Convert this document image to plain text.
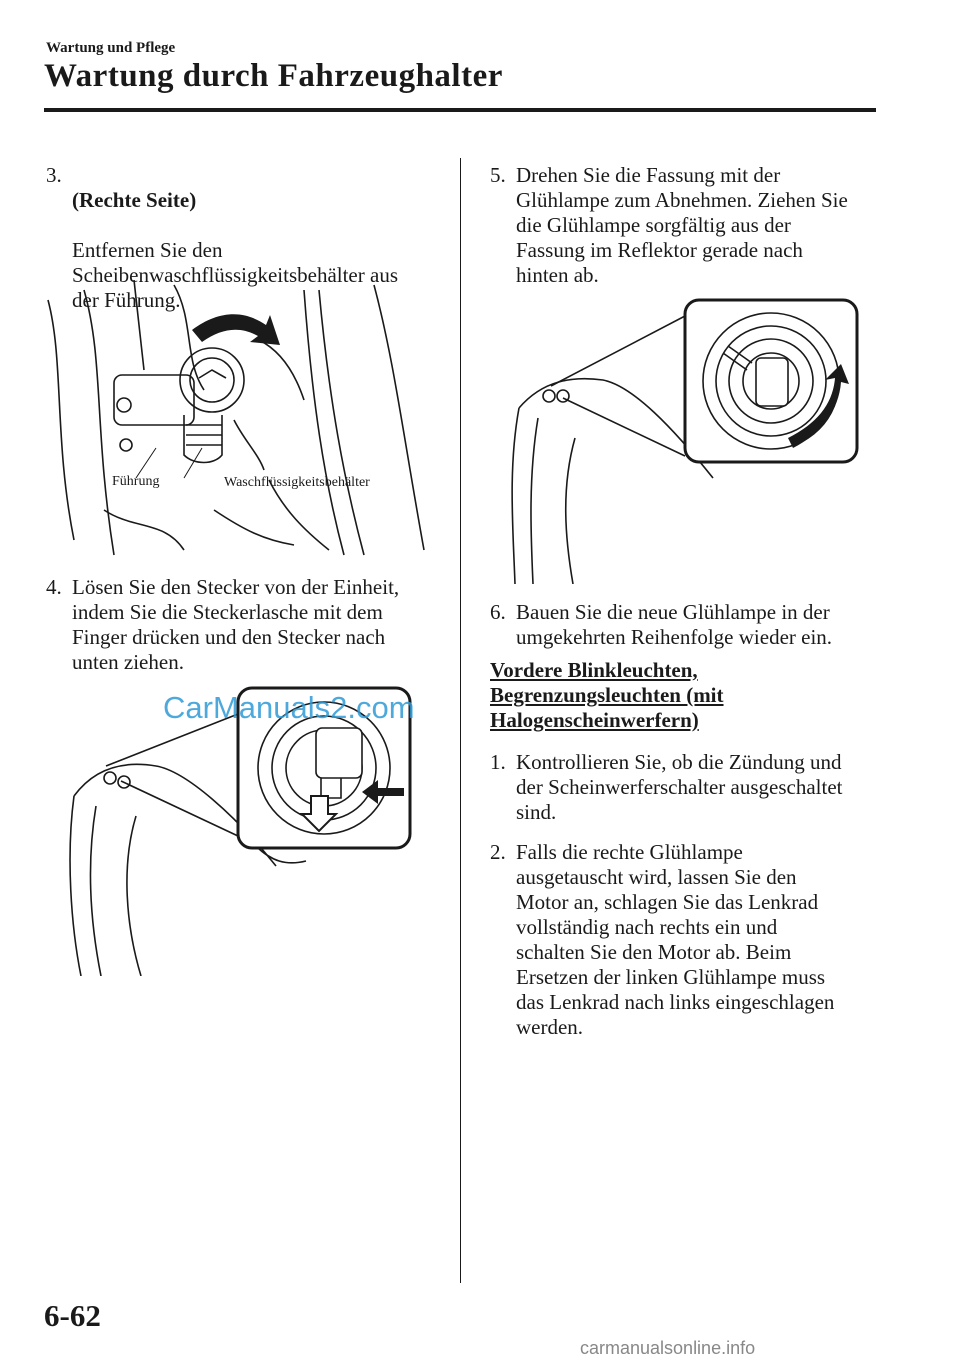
Wartung und Pflege
Wartung durch Fahrzeughalter
3.

(Rechte Seite)

Entfernen Sie den
Scheibenwaschflüssigkeitsbehälter aus
der Führung.

Führung	Waschflüssigkeitsbehälter
4. Lösen Sie den Stecker von der Einheit,
indem Sie die Steckerlasche mit dem
Finger drücken und den Stecker nach
unten ziehen.
CarManuals2.com
5. Drehen Sie die Fassung mit der
Glühlampe zum Abnehmen. Ziehen Sie
die Glühlampe sorgfältig aus der
Fassung im Reflektor gerade nach
hinten ab.
6. Bauen Sie die neue Glühlampe in der
umgekehrten Reihenfolge wieder ein.
Vordere Blinkleuchten,
Begrenzungsleuchten (mit
Halogenscheinwerfern)
1. Kontrollieren Sie, ob die Zündung und
der Scheinwerferschalter ausgeschaltet
sind.
2. Falls die rechte Glühlampe
ausgetauscht wird, lassen Sie den
Motor an, schlagen Sie das Lenkrad
vollständig nach rechts ein und
schalten Sie den Motor ab. Beim
Ersetzen der linken Glühlampe muss
das Lenkrad nach links eingeschlagen
werden.
6-62
carmanualsonline.info
